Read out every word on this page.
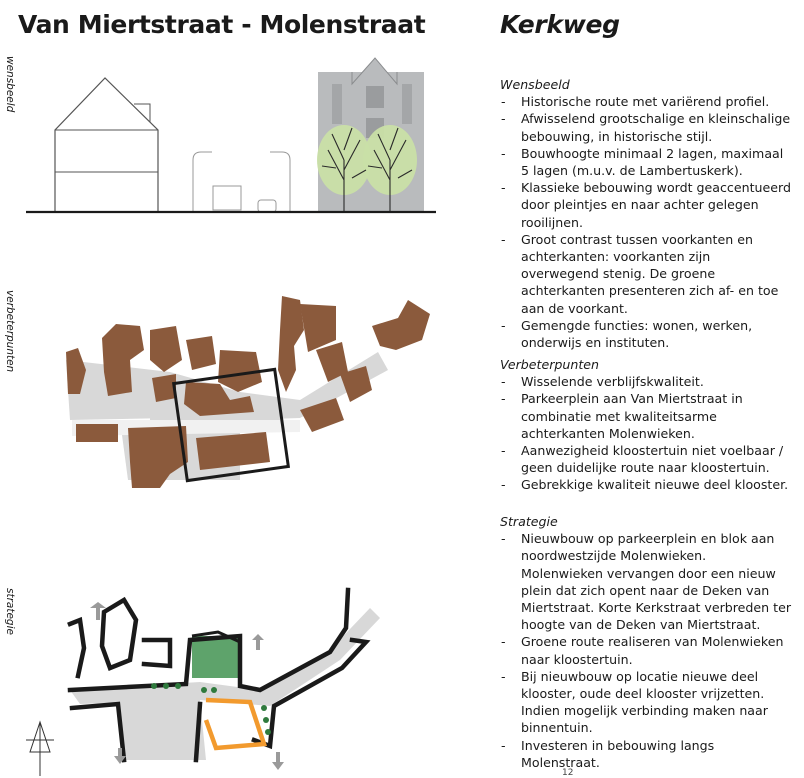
Van Miertstraat - Molenstraat	Kerkweg
wensbeeld
verbeterpunten
strategie

Wensbeeld

- Historische route met variërend profiel.
- Afwisselend grootschalige en kleinschalige bebouwing, in historische stijl.
- Bouwhoogte minimaal 2 lagen, maximaal 5 lagen (m.u.v. de Lambertuskerk).
- Klassieke bebouwing wordt geaccentueerd door pleintjes en naar achter gelegen rooilijnen.
- Groot contrast tussen voorkanten en achterkanten: voorkanten zijn overwegend stenig. De groene achterkanten presenteren zich af- en toe aan de voorkant.
- Gemengde functies: wonen, werken, onderwijs en instituten.

Verbeterpunten

- Wisselende verblijfskwaliteit.
- Parkeerplein aan Van Miertstraat in combinatie met kwaliteitsarme achterkanten Molenwieken.
- Aanwezigheid kloostertuin niet voelbaar / geen duidelijke route naar kloostertuin.
- Gebrekkige kwaliteit nieuwe deel klooster.

Strategie

- Nieuwbouw op parkeerplein en blok aan noordwestzijde Molenwieken. Molenwieken vervangen door een nieuw plein dat zich opent naar de Deken van Miertstraat. Korte Kerkstraat verbreden ter hoogte van de Deken van Miertstraat.
- Groene route realiseren van Molenwieken naar kloostertuin.
- Bij nieuwbouw op locatie nieuwe deel klooster, oude deel klooster vrijzetten. Indien mogelijk verbinding maken naar binnentuin.
- Investeren in bebouwing langs Molenstraat.
12
